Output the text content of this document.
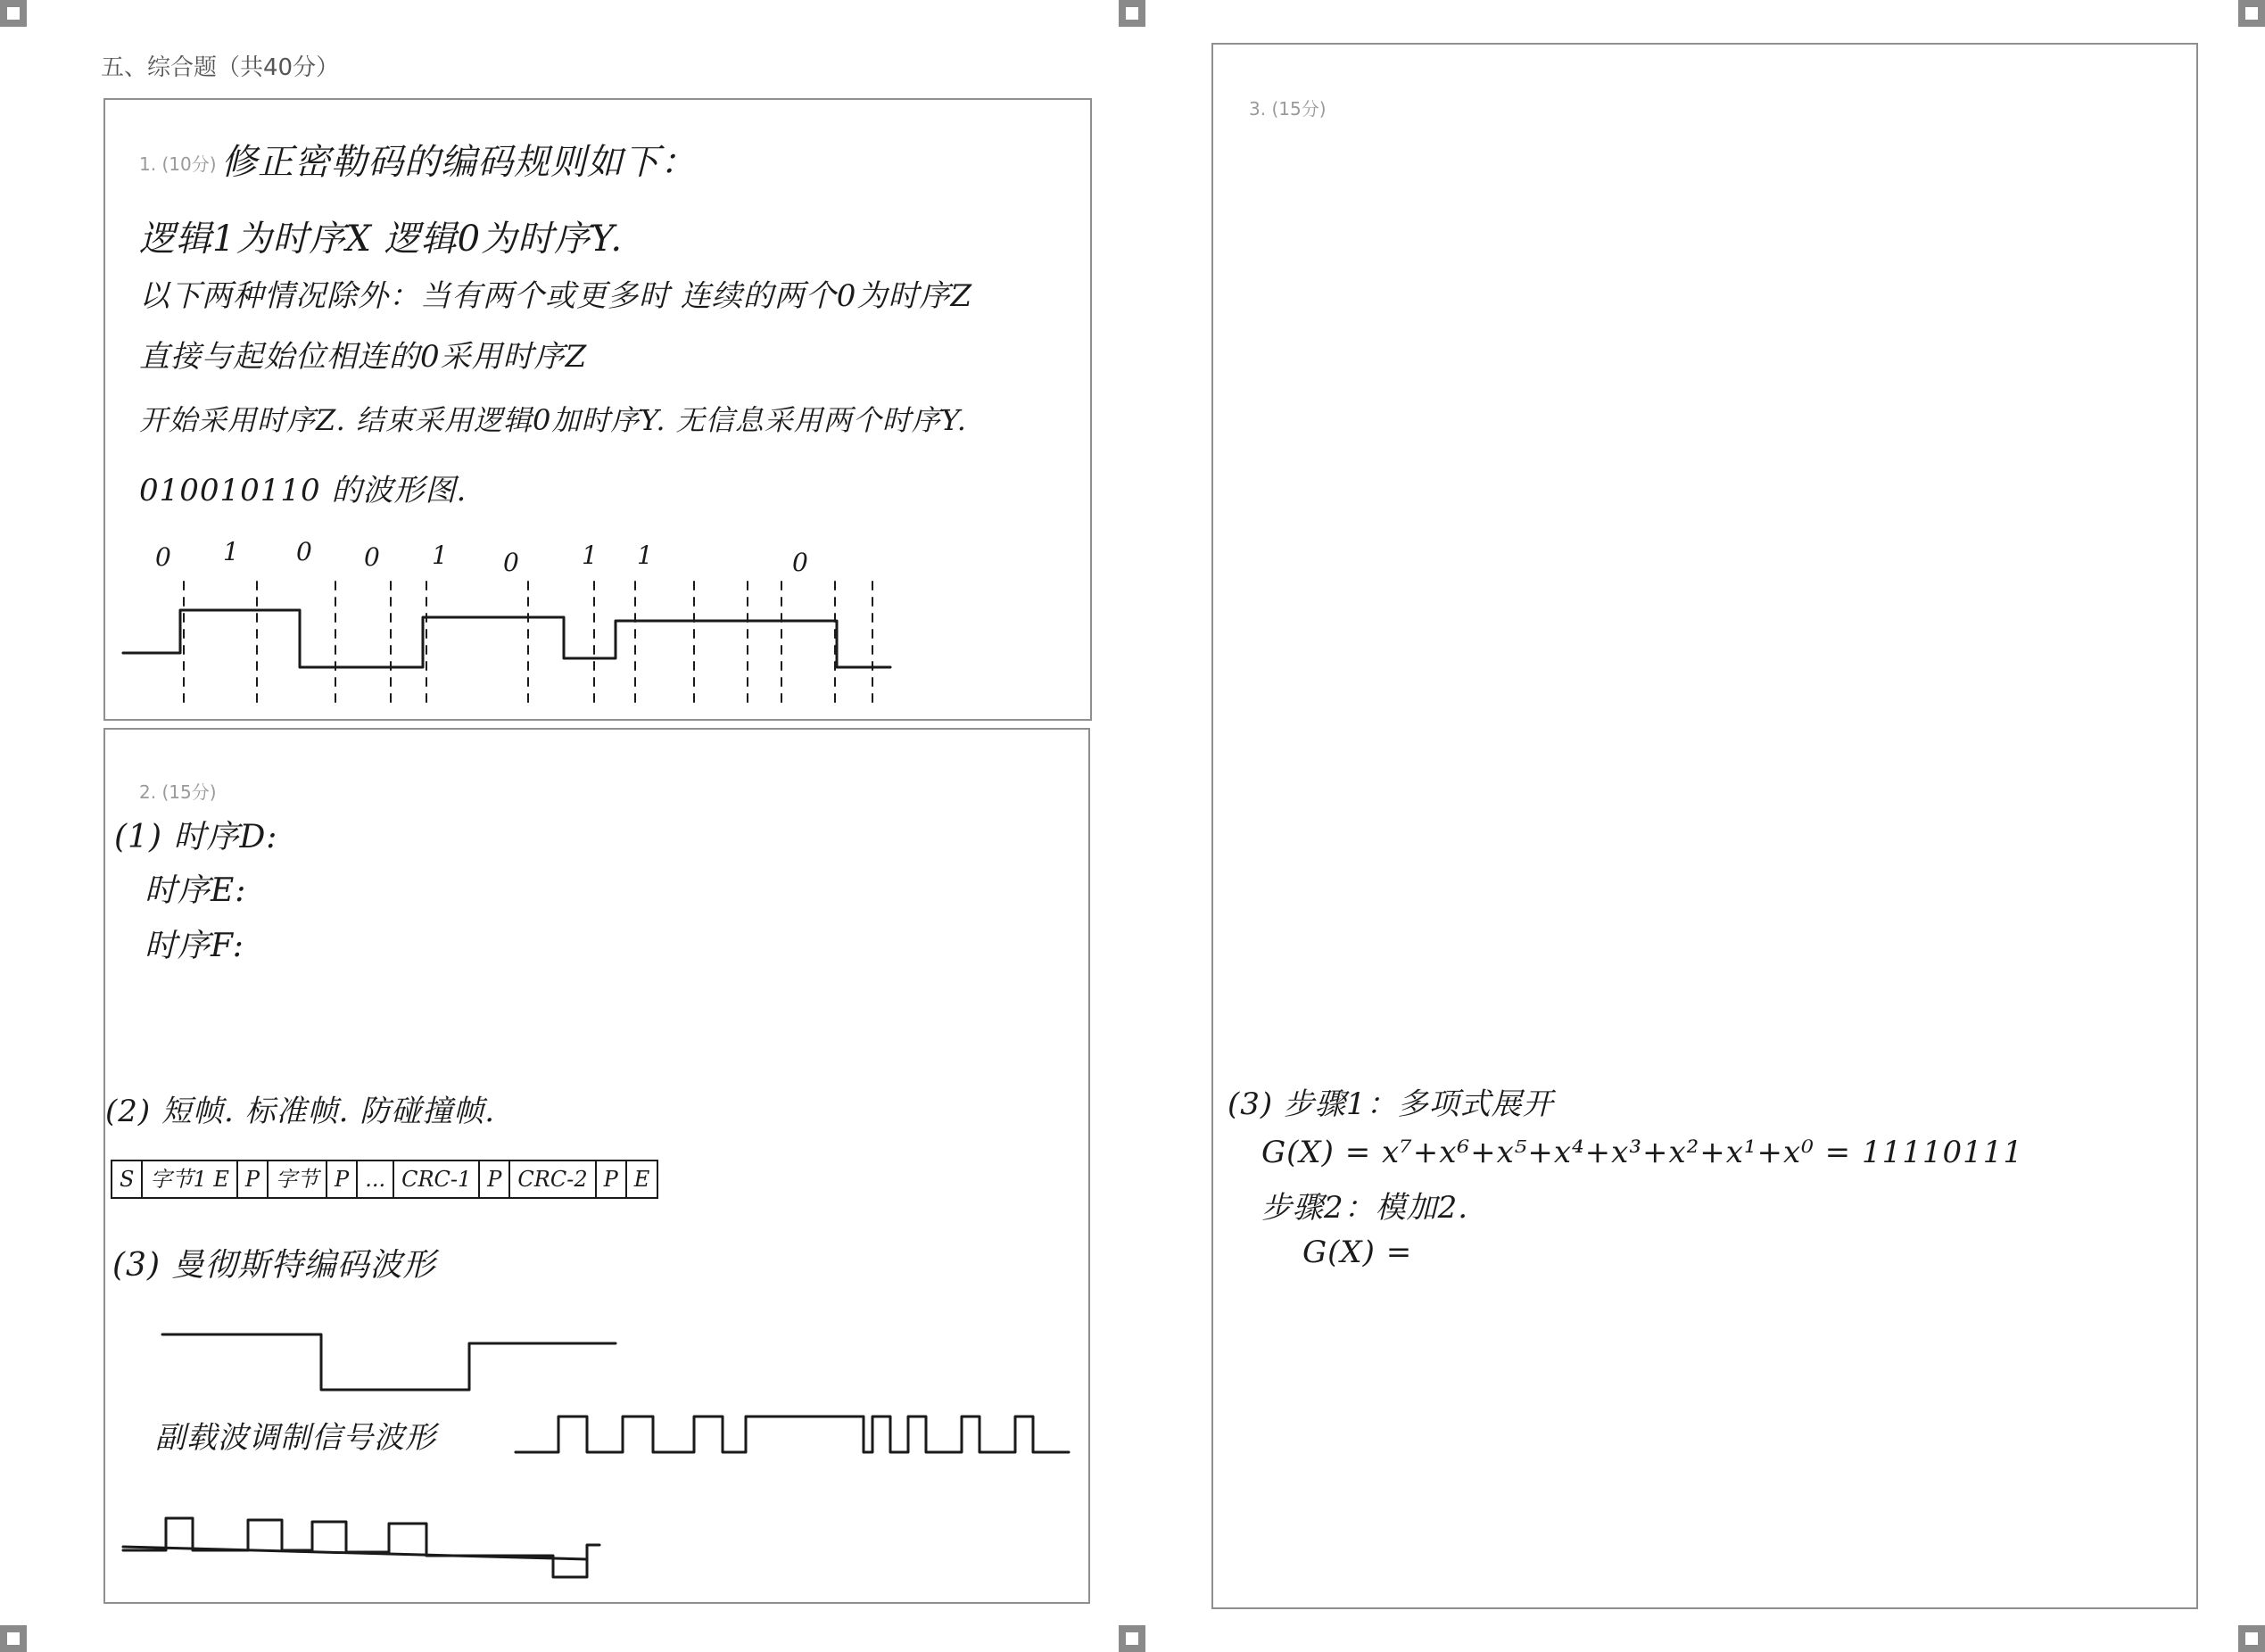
五、综合题（共40分）
1. (10分) 修正密勒码的编码规则如下：
逻辑1为时序X 逻辑0为时序Y.
以下两种情况除外：当有两个或更多时 连续的两个0为时序Z
直接与起始位相连的0采用时序Z
开始采用时序Z. 结束采用逻辑0加时序Y. 无信息采用两个时序Y.
010010110 的波形图.
0 1 0 0 1 0	1 1	0
2. (15分)
(1) 时序D:
时序E:
时序F:
(2) 短帧. 标准帧. 防碰撞帧.
S 字节1 E P 字节 P ... CRC-1 P CRC-2 P E
(3) 曼彻斯特编码波形
副载波调制信号波形
3. (15分)
(3) 步骤1：多项式展开
G(X) = x⁷+x⁶+x⁵+x⁴+x³+x²+x¹+x⁰ = 11110111
步骤2：模加2.
G(X) =
